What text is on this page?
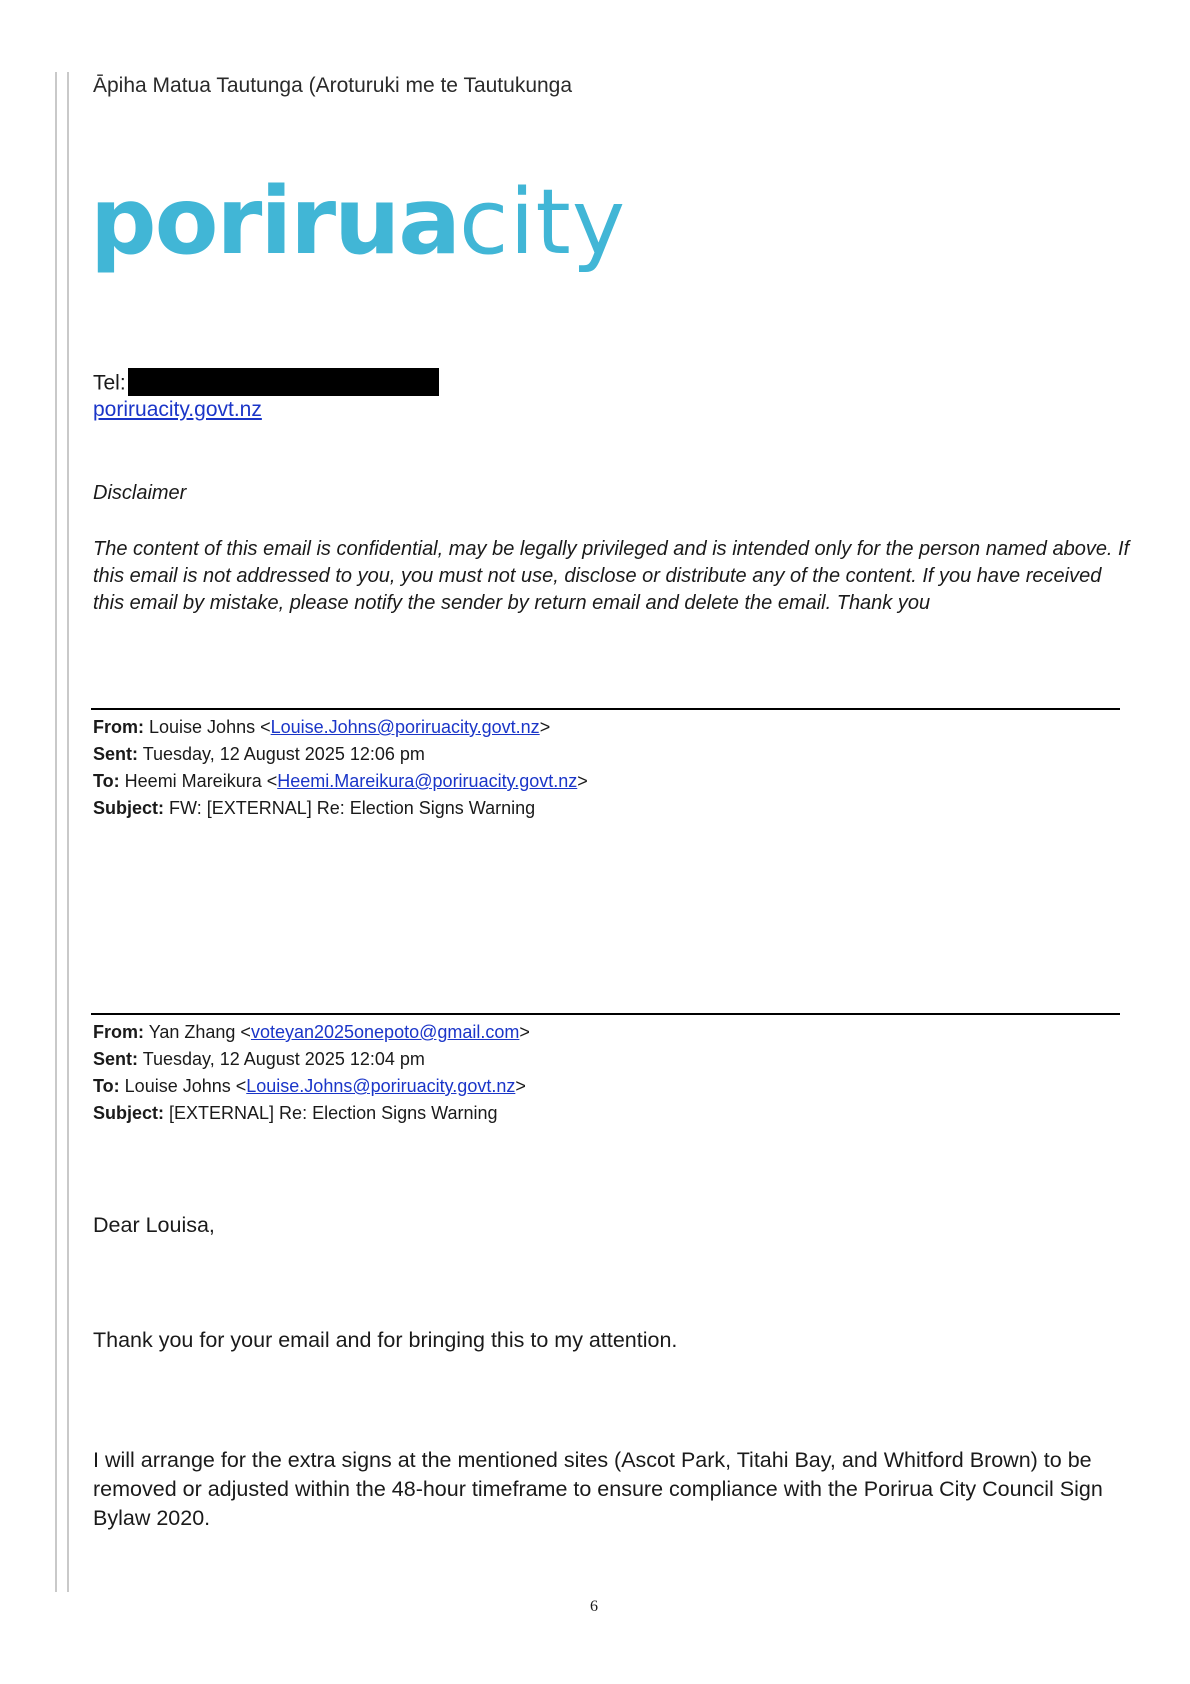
Āpiha Matua Tautunga (Aroturuki me te Tautukunga
poriruacity
Tel:
poriruacity.govt.nz
Disclaimer
The content of this email is confidential, may be legally privileged and is intended only for the person named above. If this email is not addressed to you, you must not use, disclose or distribute any of the content. If you have received this email by mistake, please notify the sender by return email and delete the email. Thank you
From: Louise Johns <Louise.Johns@poriruacity.govt.nz>
Sent: Tuesday, 12 August 2025 12:06 pm
To: Heemi Mareikura <Heemi.Mareikura@poriruacity.govt.nz>
Subject: FW: [EXTERNAL] Re: Election Signs Warning
From: Yan Zhang <voteyan2025onepoto@gmail.com>
Sent: Tuesday, 12 August 2025 12:04 pm
To: Louise Johns <Louise.Johns@poriruacity.govt.nz>
Subject: [EXTERNAL] Re: Election Signs Warning
Dear Louisa,
Thank you for your email and for bringing this to my attention.
I will arrange for the extra signs at the mentioned sites (Ascot Park, Titahi Bay, and Whitford Brown) to be removed or adjusted within the 48-hour timeframe to ensure compliance with the Porirua City Council Sign Bylaw 2020.
6
